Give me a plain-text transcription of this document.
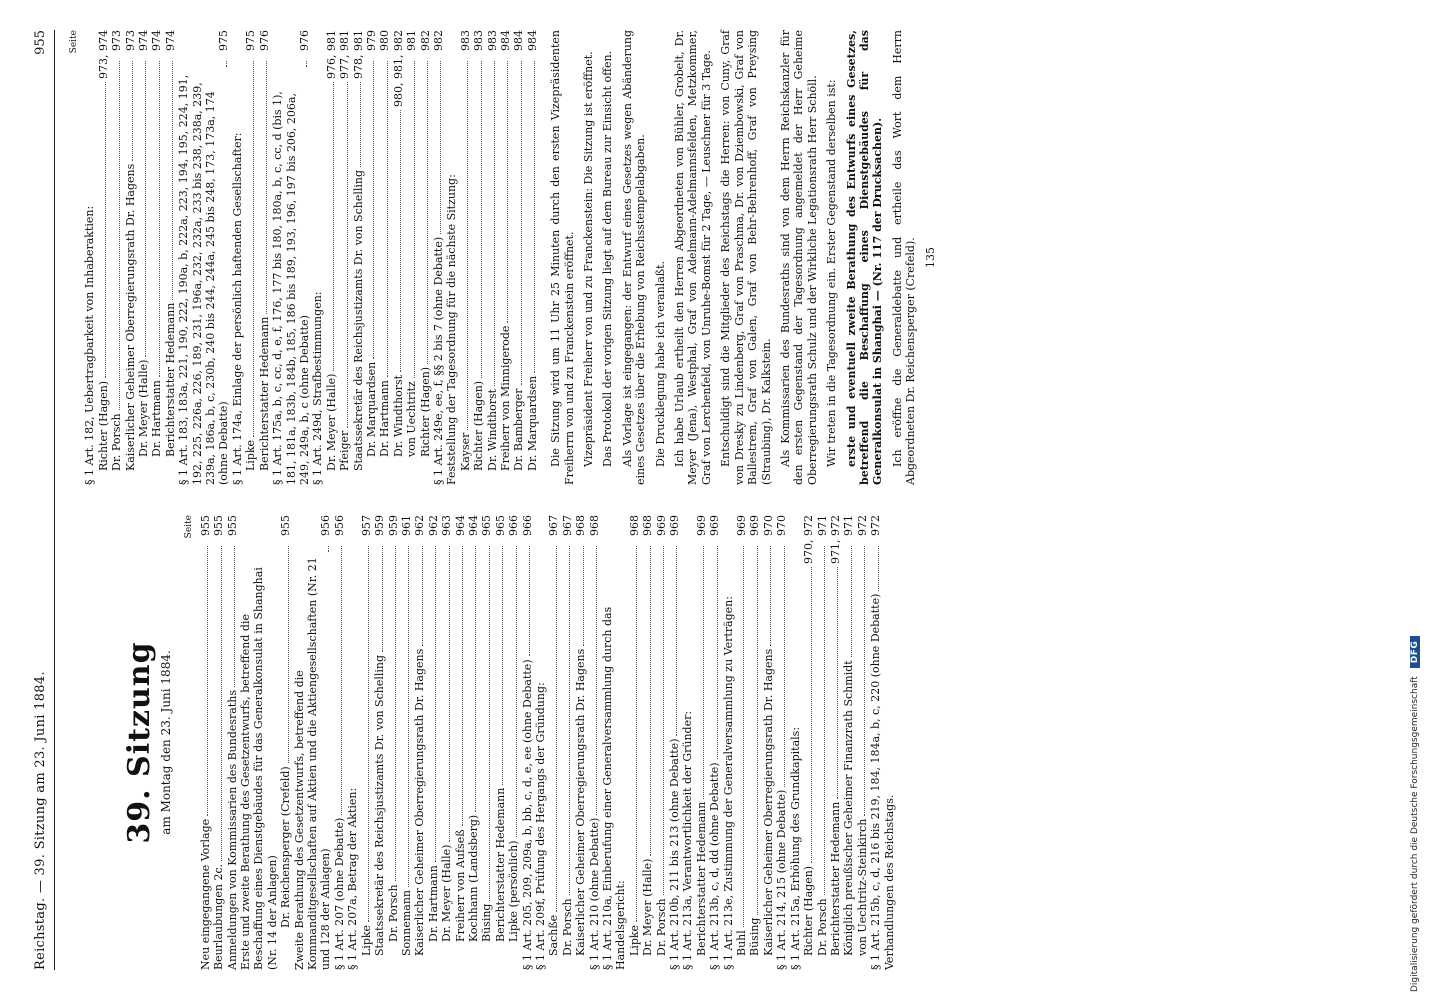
Reichstag. — 39. Sitzung am 23. Juni 1884.
955
39. Sitzung am Montag den 23. Juni 1884.
Seite
Neu eingegangene Vorlage
955
Beurlaubungen 2c.
955
Anmeldungen von Kommissarien des Bundesraths
955
Erste und zweite Berathung des Gesetzentwurfs, betreffend die Beschaffung eines Dienstgebäudes für das Generalkonsulat in Shanghai (Nr. 14 der Anlagen) Dr. Reichensperger (Crefeld)
955
Zweite Berathung des Gesetzentwurfs, betreffend die Kommanditgesellschaften auf Aktien und die Aktiengesellschaften (Nr. 21 und 128 der Anlagen)
956
§ 1 Art. 207 (ohne Debatte)
956
§ 1 Art. 207a, Betrag der Aktien: Lipke
957
Staatssekretär des Reichsjustizamts Dr. von Schelling
959
Dr. Porsch
959
Sonnemann
961
Kaiserlicher Geheimer Oberregierungsrath Dr. Hagens
962
Dr. Hartmann
962
Dr. Meyer (Halle)
963
Freiherr von Aufseß
964
Kochhann (Landsberg)
964
Büsing
965
Berichterstatter Hedemann
965
Lipke (persönlich)
966
§ 1 Art. 205, 209, 209a, b, bb, c, d, e, ee (ohne Debatte)
966
§ 1 Art. 209f, Prüfung des Hergangs der Gründung: Sachße
967
Dr. Porsch
967
Kaiserlicher Geheimer Oberregierungsrath Dr. Hagens
968
§ 1 Art. 210 (ohne Debatte)
968
§ 1 Art. 210a, Einberufung einer Generalversammlung durch das Handelsgericht: Lipke
968
Dr. Meyer (Halle)
968
Dr. Porsch
969
§ 1 Art. 210b, 211 bis 213 (ohne Debatte)
969
§ 1 Art. 213a, Verantwortlichkeit der Gründer: Berichterstatter Hedemann
969
§ 1 Art. 213b, c, d, dd (ohne Debatte)
969
§ 1 Art. 213e, Zustimmung der Generalversammlung zu Verträgen: Buhl
969
Büsing
969
Kaiserlicher Geheimer Oberregierungsrath Dr. Hagens
970
§ 1 Art. 214, 215 (ohne Debatte)
970
§ 1 Art. 215a, Erhöhung des Grundkapitals: Richter (Hagen)
970, 972
Dr. Porsch
971
Berichterstatter Hedemann
971, 972
Königlich preußischer Geheimer Finanzrath Schmidt
971
von Uechtritz-Steinkirch
972
§ 1 Art. 215b, c, d, 216 bis 219, 184, 184a, b, c, 220 (ohne Debatte)
972
Verhandlungen des Reichstags.
Seite
§ 1 Art. 182, Uebertragbarkeit von Inhaberaktien: Richter (Hagen)
973, 974
Dr. Porsch
973
Kaiserlicher Geheimer Oberregierungsrath Dr. Hagens
973
Dr. Meyer (Halle)
974
Dr. Hartmann
974
Berichterstatter Hedemann
974
§ 1 Art. 183, 183a, 221, 190, 222, 190a, b, 222a, 223, 194, 195, 224, 191, 192, 225, 226a, 226, 189, 231, 196a, 232, 232a, 233 bis 238, 238a, 239, 239a, 186a, b, c, 230b, 240 bis 244, 244a, 245 bis 248, 173, 173a, 174 (ohne Debatte)
975
§ 1 Art. 174a, Einlage der persönlich haftenden Gesellschafter: Lipke
975
Berichterstatter Hedemann
976
§ 1 Art. 175a, b, c, cc, d, e, f, 176, 177 bis 180, 180a, b, c, cc, d (bis 1), 181, 181a, 183b, 184b, 185, 186 bis 189, 193, 196, 197 bis 206, 206a, 249, 249a, b, c (ohne Debatte)
976
§ 1 Art. 249d, Strafbestimmungen: Dr. Meyer (Halle)
976, 981
Pfeiger
977, 981
Staatssekretär des Reichsjustizamts Dr. von Schelling
978, 981
Dr. Marquardsen
979
Dr. Hartmann
980
Dr. Windthorst
980, 981, 982
von Uechtritz
981
Richter (Hagen)
982
§ 1 Art. 249e, ee, f, §§ 2 bis 7 (ohne Debatte)
982
Feststellung der Tagesordnung für die nächste Sitzung: Kayser
983
Richter (Hagen)
983
Dr. Windthorst
983
Freiherr von Minnigerode
984
Dr. Bamberger
984
Dr. Marquardsen
984 Die Sitzung wird um 11 Uhr 25 Minuten durch den ersten Vizepräsidenten Freiherrn von und zu Franckenstein eröffnet. Vizepräsident Freiherr von und zu Franckenstein: Die Sitzung ist eröffnet. Das Protokoll der vorigen Sitzung liegt auf dem Bureau zur Einsicht offen. Als Vorlage ist eingegangen: der Entwurf eines Gesetzes wegen Abänderung eines Gesetzes über die Erhebung von Reichsstempelabgaben. Die Drucklegung habe ich veranlaßt. Ich habe Urlaub ertheilt den Herren Abgeordneten von Bühler, Grobelt, Dr. Meyer (Jena), Westphal, Graf von Adelmann-Adelmannsfelden, Metzkommer, Graf von Lerchenfeld, von Unruhe-Bomst für 2 Tage, — Leuschner für 3 Tage. Entschuldigt sind die Mitglieder des Reichstags die Herren: von Cuny, Graf von Dresky zu Lindenberg, Graf von Praschma, Dr. von Dziembowski, Graf von Ballestrem, Graf von Galen, Graf von Behr-Behrenhoff, Graf von Preysing (Straubing), Dr. Kalkstein. Als Kommissarien des Bundesraths sind von dem Herrn Reichskanzler für den ersten Gegenstand der Tagesordnung angemeldet der Herr Geheime Oberregierungsrath Schulz und der Wirkliche Legationsrath Herr Schöll. Wir treten in die Tagesordnung ein. Erster Gegenstand derselben ist: erste und eventuell zweite Berathung des Entwurfs eines Gesetzes, betreffend die Beschaffung eines Dienstgebäudes für das Generalkonsulat in Shanghai — (Nr. 117 der Drucksachen). Ich eröffne die Generaldebatte und ertheile das Wort dem Herrn Abgeordneten Dr. Reichensperger (Crefeld). 135
Digitalisierung gefördert durch die Deutsche Forschungsgemeinschaft
DFG
